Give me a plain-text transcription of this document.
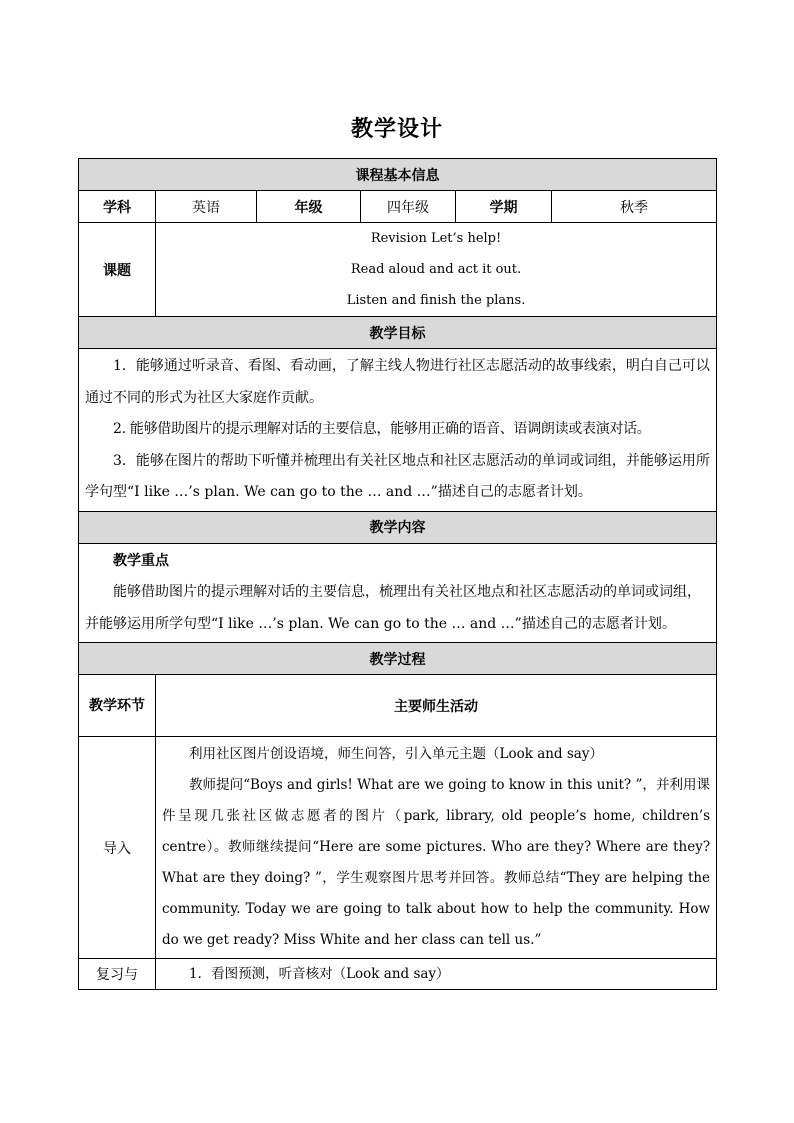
教学设计
课程基本信息					
学科	英语	年级	四年级	学期	秋季
课题	Revision Let’s help!
Read aloud and act it out.
Listen and finish the plans.				

教学目标					

1．能够通过听录音、看图、看动画，了解主线人物进行社区志愿活动的故事线索，明白自己可以通过不同的形式为社区大家庭作贡献。

2. 能够借助图片的提示理解对话的主要信息，能够用正确的语音、语调朗读或表演对话。

3．能够在图片的帮助下听懂并梳理出有关社区地点和社区志愿活动的单词或词组，并能够运用所学句型“I like …’s plan. We can go to the … and …”描述自己的志愿者计划。					

教学内容					

教学重点

能够借助图片的提示理解对话的主要信息，梳理出有关社区地点和社区志愿活动的单词或词组，并能够运用所学句型“I like …’s plan. We can go to the … and …”描述自己的志愿者计划。					

教学过程					
教学环节	主要师生活动				
导入	利用社区图片创设语境，师生问答，引入单元主题（Look and say）

教师提问“Boys and girls! What are we going to know in this unit? ”，并利用课件呈现几张社区做志愿者的图片（park, library, old people’s home, children’s centre）。教师继续提问“Here are some pictures. Who are they? Where are they? What are they doing? ”，学生观察图片思考并回答。教师总结“They are helping the community. Today we are going to talk about how to help the community. How do we get ready? Miss White and her class can tell us.”				

复习与	1．看图预测，听音核对（Look and say）				
